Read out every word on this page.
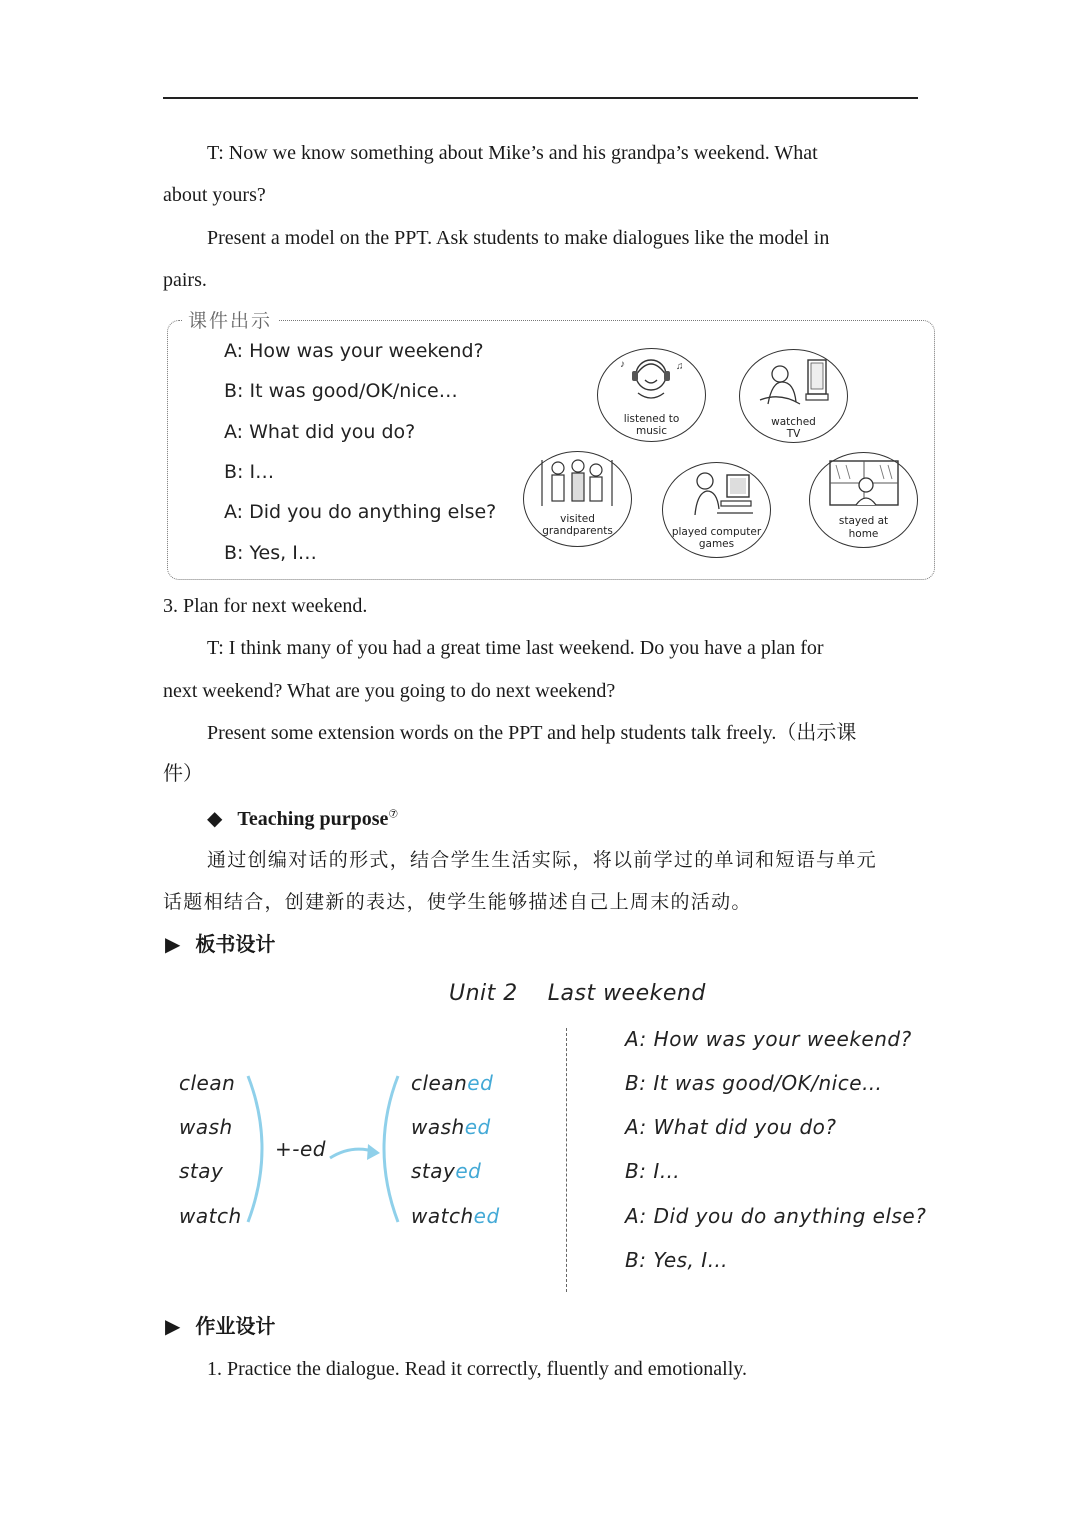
T: Now we know something about Mike’s and his grandpa’s weekend. What
about yours?
Present a model on the PPT. Ask students to make dialogues like the model in
pairs.
课件出示
A: How was your weekend?
B: It was good/OK/nice…
A: What did you do?
B: I…
A: Did you do anything else?
B: Yes, I…
♪	♫
listened to
music
watched
TV
visited
grandparents	played computer
games
stayed at
home
3. Plan for next weekend.
T: I think many of you had a great time last weekend. Do you have a plan for
next weekend? What are you going to do next weekend?
Present some extension words on the PPT and help students talk freely.（出示课
件）
◆ Teaching purpose⑦
通过创编对话的形式，结合学生生活实际，将以前学过的单词和短语与单元
话题相结合，创建新的表达，使学生能够描述自己上周末的活动。
▶ 板书设计
Unit 2    Last weekend
clean
wash
stay
watch
+-ed
cleaned
washed
stayed
watched
A: How was your weekend?
B: It was good/OK/nice…
A: What did you do?
B: I…
A: Did you do anything else?
B: Yes, I…
▶ 作业设计
1. Practice the dialogue. Read it correctly, fluently and emotionally.
